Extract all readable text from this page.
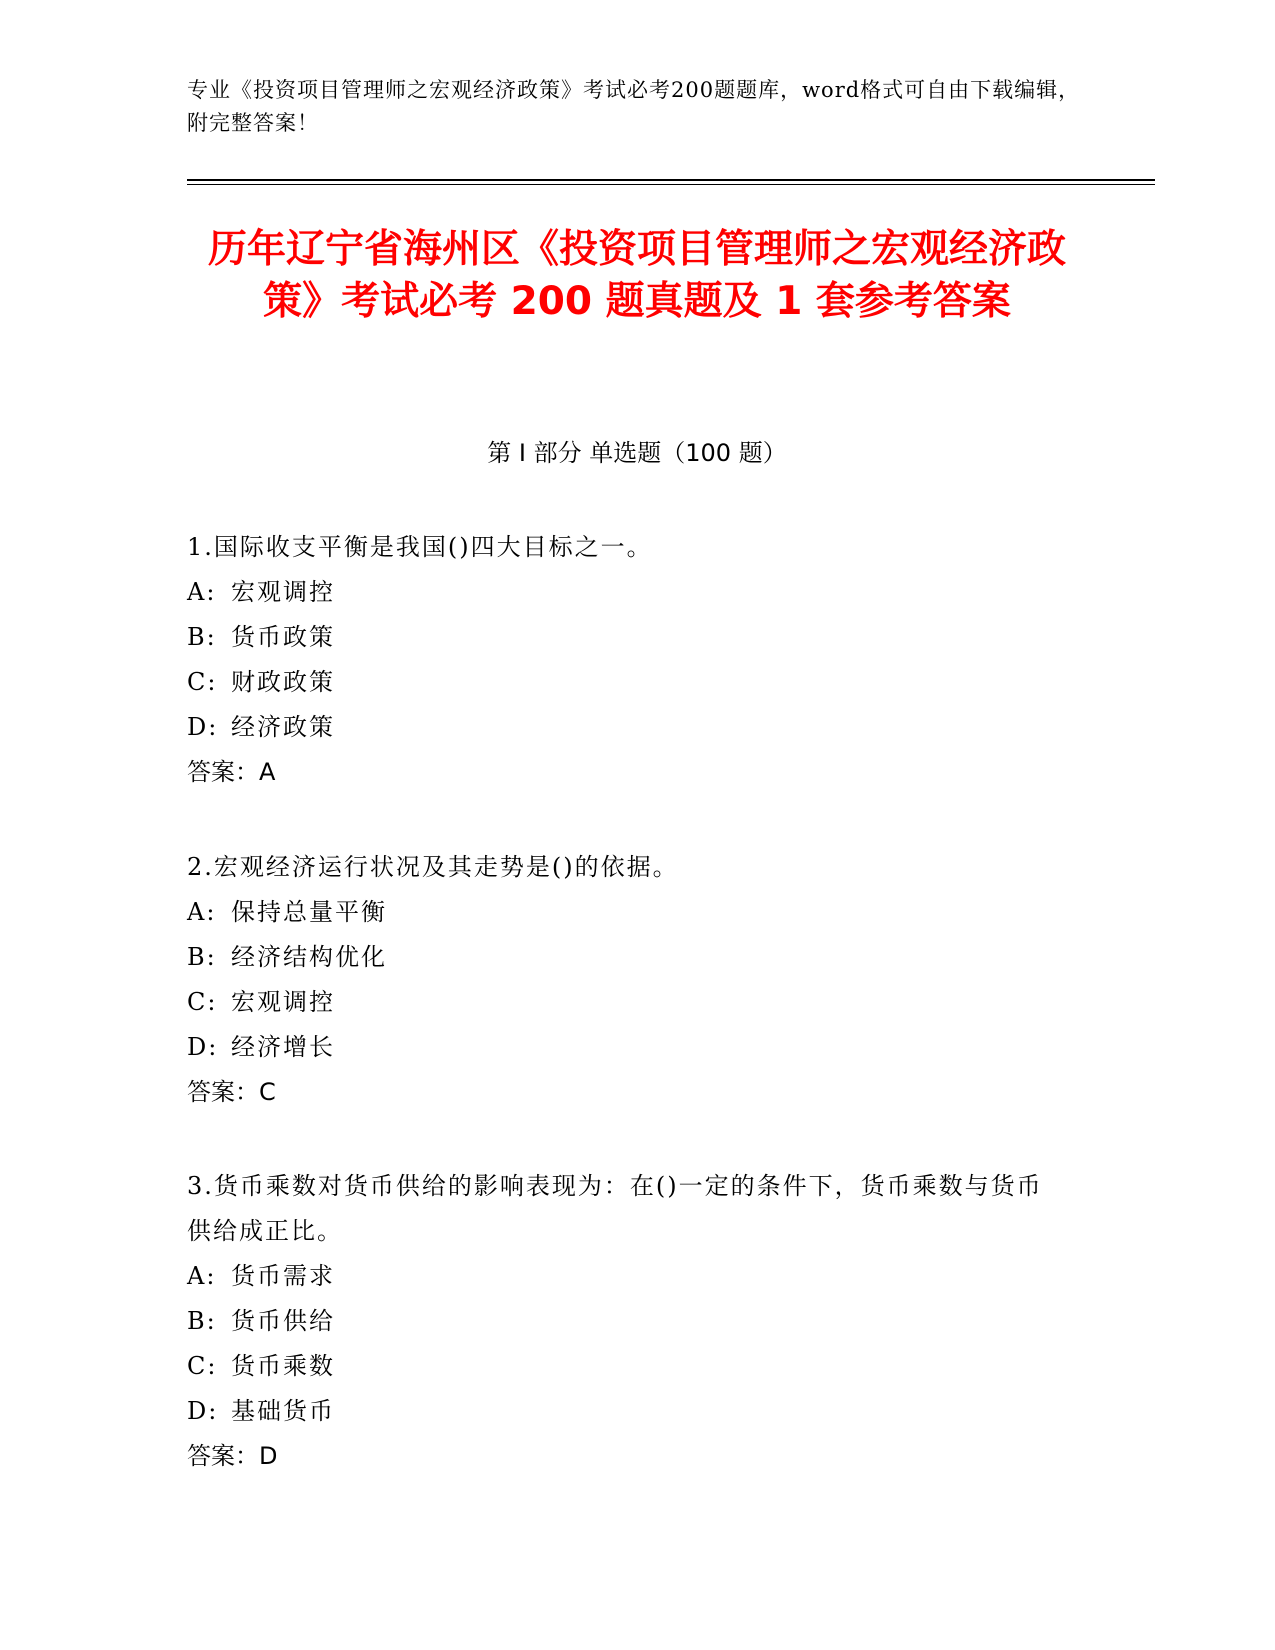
专业《投资项目管理师之宏观经济政策》考试必考200题题库，word格式可自由下载编辑，附完整答案！
历年辽宁省海州区《投资项目管理师之宏观经济政策》考试必考 200 题真题及 1 套参考答案
第 I 部分 单选题（100 题）
1.国际收支平衡是我国()四大目标之一。
A: 宏观调控
B: 货币政策
C: 财政政策
D: 经济政策
答案：A
2.宏观经济运行状况及其走势是()的依据。
A: 保持总量平衡
B: 经济结构优化
C: 宏观调控
D: 经济增长
答案：C
3.货币乘数对货币供给的影响表现为：在()一定的条件下，货币乘数与货币供给成正比。
A: 货币需求
B: 货币供给
C: 货币乘数
D: 基础货币
答案：D
